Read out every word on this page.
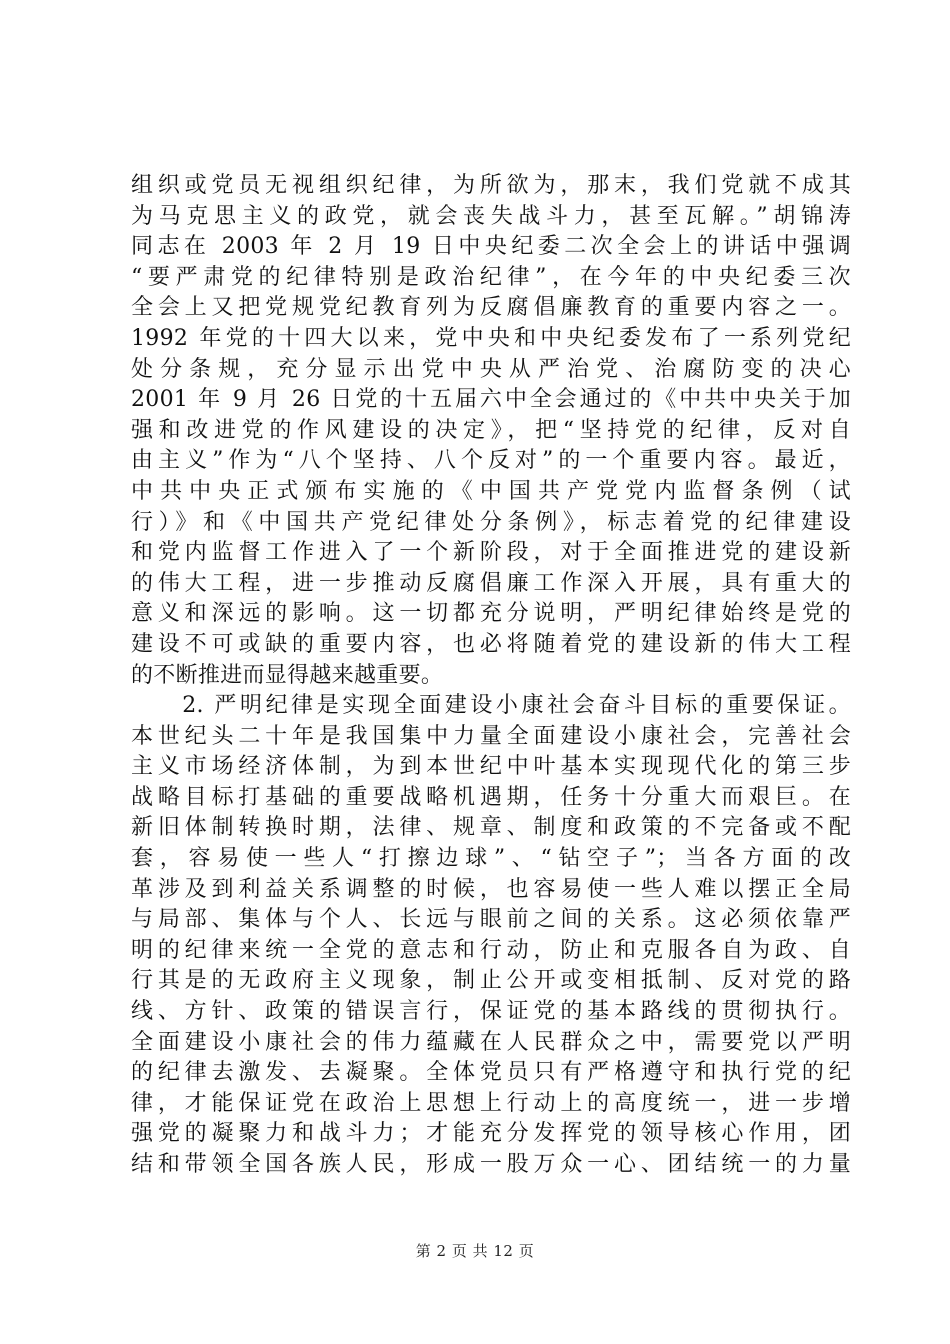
组织或党员无视组织纪律，为所欲为，那末，我们党就不成其
为马克思主义的政党，就会丧失战斗力，甚至瓦解。”胡锦涛
同志在 2003 年 2 月 19 日中央纪委二次全会上的讲话中强调
“要严肃党的纪律特别是政治纪律”，在今年的中央纪委三次
全会上又把党规党纪教育列为反腐倡廉教育的重要内容之一。
1992 年党的十四大以来，党中央和中央纪委发布了一系列党纪
处分条规，充分显示出党中央从严治党、治腐防变的决心
2001 年 9 月 26 日党的十五届六中全会通过的《中共中央关于加
强和改进党的作风建设的决定》，把“坚持党的纪律，反对自
由主义”作为“八个坚持、八个反对”的一个重要内容。最近，
中共中央正式颁布实施的《中国共产党党内监督条例（试
行）》和《中国共产党纪律处分条例》，标志着党的纪律建设
和党内监督工作进入了一个新阶段，对于全面推进党的建设新
的伟大工程，进一步推动反腐倡廉工作深入开展，具有重大的
意义和深远的影响。这一切都充分说明，严明纪律始终是党的
建设不可或缺的重要内容，也必将随着党的建设新的伟大工程
的不断推进而显得越来越重要。
　　2. 严明纪律是实现全面建设小康社会奋斗目标的重要保证。
本世纪头二十年是我国集中力量全面建设小康社会，完善社会
主义市场经济体制，为到本世纪中叶基本实现现代化的第三步
战略目标打基础的重要战略机遇期，任务十分重大而艰巨。在
新旧体制转换时期，法律、规章、制度和政策的不完备或不配
套，容易使一些人“打擦边球”、“钻空子”；当各方面的改
革涉及到利益关系调整的时候，也容易使一些人难以摆正全局
与局部、集体与个人、长远与眼前之间的关系。这必须依靠严
明的纪律来统一全党的意志和行动，防止和克服各自为政、自
行其是的无政府主义现象，制止公开或变相抵制、反对党的路
线、方针、政策的错误言行，保证党的基本路线的贯彻执行。
全面建设小康社会的伟力蕴藏在人民群众之中，需要党以严明
的纪律去激发、去凝聚。全体党员只有严格遵守和执行党的纪
律，才能保证党在政治上思想上行动上的高度统一，进一步增
强党的凝聚力和战斗力；才能充分发挥党的领导核心作用，团
结和带领全国各族人民，形成一股万众一心、团结统一的力量
第 2 页 共 12 页
